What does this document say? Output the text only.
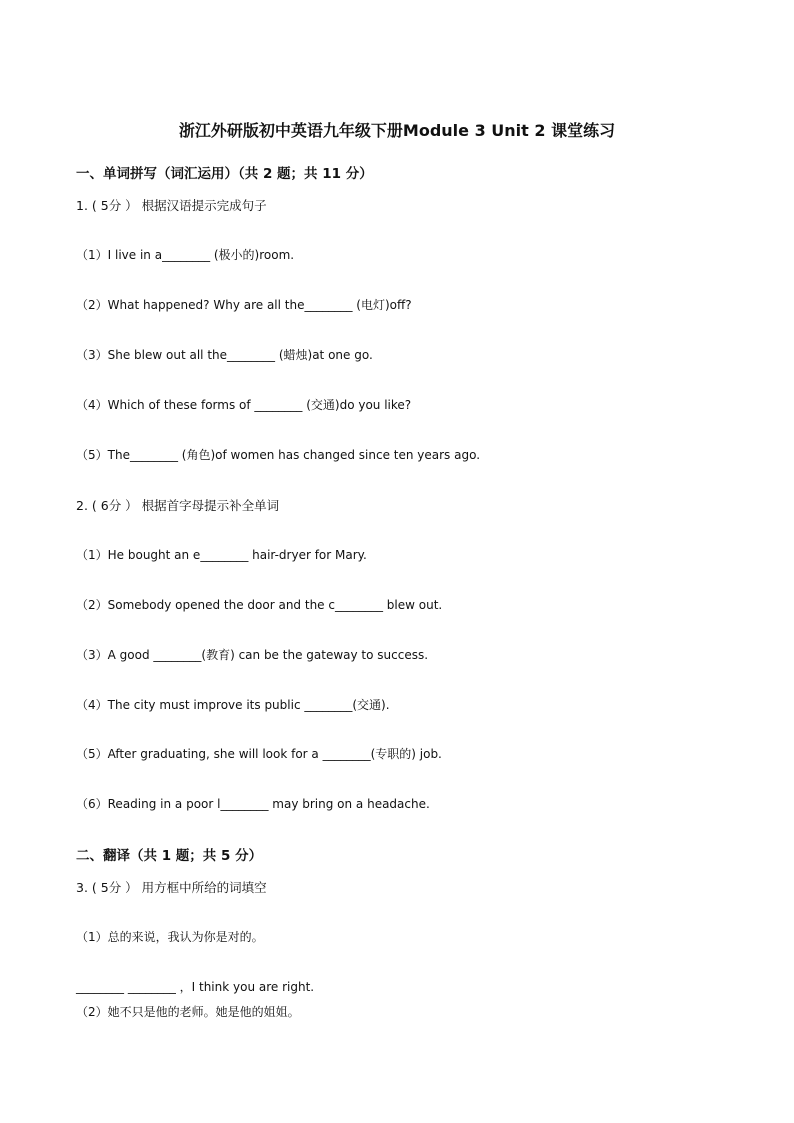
浙江外研版初中英语九年级下册Module 3 Unit 2 课堂练习
一、单词拼写（词汇运用）（共 2 题；共 11 分）
1. ( 5分 ） 根据汉语提示完成句子
（1）I live in a________ (极小的)room.
（2）What happened? Why are all the________ (电灯)off?
（3）She blew out all the________ (蜡烛)at one go.
（4）Which of these forms of ________ (交通)do you like?
（5）The________ (角色)of women has changed since ten years ago.
2. ( 6分 ） 根据首字母提示补全单词
（1）He bought an e________ hair-dryer for Mary.
（2）Somebody opened the door and the c________ blew out.
（3）A good ________(教育) can be the gateway to success.
（4）The city must improve its public ________(交通).
（5）After graduating, she will look for a ________(专职的) job.
（6）Reading in a poor l________ may bring on a headache.
二、翻译（共 1 题；共 5 分）
3. ( 5分 ） 用方框中所给的词填空
（1）总的来说，我认为你是对的。
________ ________ ，I think you are right.
（2）她不只是他的老师。她是他的姐姐。
